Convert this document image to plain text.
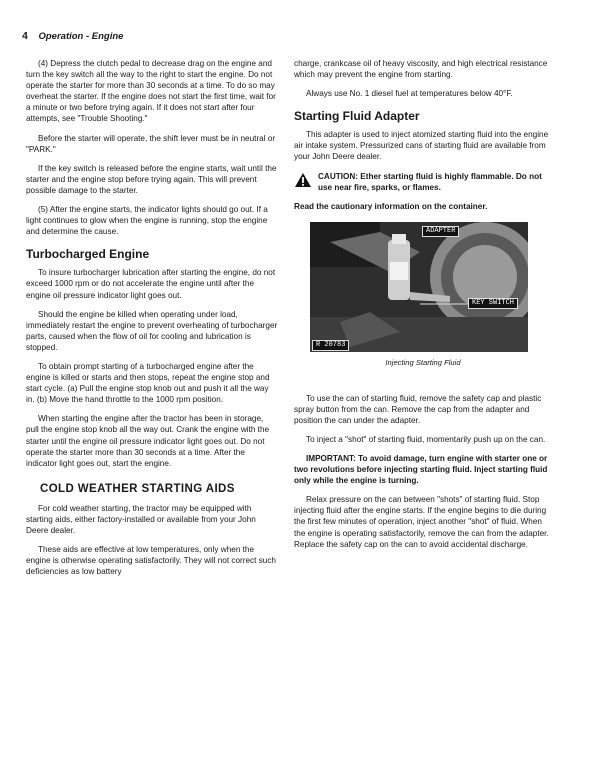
4 Operation - Engine

(4) Depress the clutch pedal to decrease drag on the engine and turn the key switch all the way to the right to start the engine. Do not operate the starter for more than 30 seconds at a time. To do so may overheat the starter. If the engine does not start the first time, wait for a minute or two before trying again. If it does not start after four attempts, see "Trouble Shooting."

Before the starter will operate, the shift lever must be in neutral or "PARK."

If the key switch is released before the engine starts, wait until the starter and the engine stop before trying again. This will prevent possible damage to the starter.

(5) After the engine starts, the indicator lights should go out. If a light continues to glow when the engine is running, stop the engine and determine the cause.

Turbocharged Engine

To insure turbocharger lubrication after starting the engine, do not exceed 1000 rpm or do not accelerate the engine until after the engine oil pressure indicator light goes out.

Should the engine be killed when operating under load, immediately restart the engine to prevent overheating of turbocharger parts, caused when the flow of oil for cooling and lubrication is stopped.

To obtain prompt starting of a turbocharged engine after the engine is killed or starts and then stops, repeat the engine stop and start cycle. (a) Pull the engine stop knob out and push it all the way in. (b) Move the hand throttle to the 1000 rpm position.

When starting the engine after the tractor has been in storage, pull the engine stop knob all the way out. Crank the engine with the starter until the engine oil pressure indicator light goes out. Do not operate the starter more than 30 seconds at a time. After the indicator light goes out, start the engine.

COLD WEATHER STARTING AIDS

For cold weather starting, the tractor may be equipped with starting aids, either factory-installed or available from your John Deere dealer.

These aids are effective at low temperatures, only when the engine is otherwise operating satisfactorily. They will not correct such deficiencies as low battery

charge, crankcase oil of heavy viscosity, and high electrical resistance which may prevent the engine from starting.

Always use No. 1 diesel fuel at temperatures below 40°F.

Starting Fluid Adapter

This adapter is used to inject atomized starting fluid into the engine air intake system. Pressurized cans of starting fluid are available from your John Deere dealer.

CAUTION: Ether starting fluid is highly flammable. Do not use near fire, sparks, or flames.
Read the cautionary information on the container.
ADAPTER
KEY SWITCH
R 20783
Injecting Starting Fluid

To use the can of starting fluid, remove the safety cap and plastic spray button from the can. Remove the cap from the adapter and position the can under the adapter.

To inject a "shot" of starting fluid, momentarily push up on the can.

IMPORTANT: To avoid damage, turn engine with starter one or two revolutions before injecting starting fluid. Inject starting fluid only while the engine is turning.

Relax pressure on the can between "shots" of starting fluid. Stop injecting fluid after the engine starts. If the engine begins to die during the first few minutes of operation, inject another "shot" of fluid. When the engine is operating satisfactorily, remove the can from the adapter. Replace the safety cap on the can to avoid accidental discharge.
